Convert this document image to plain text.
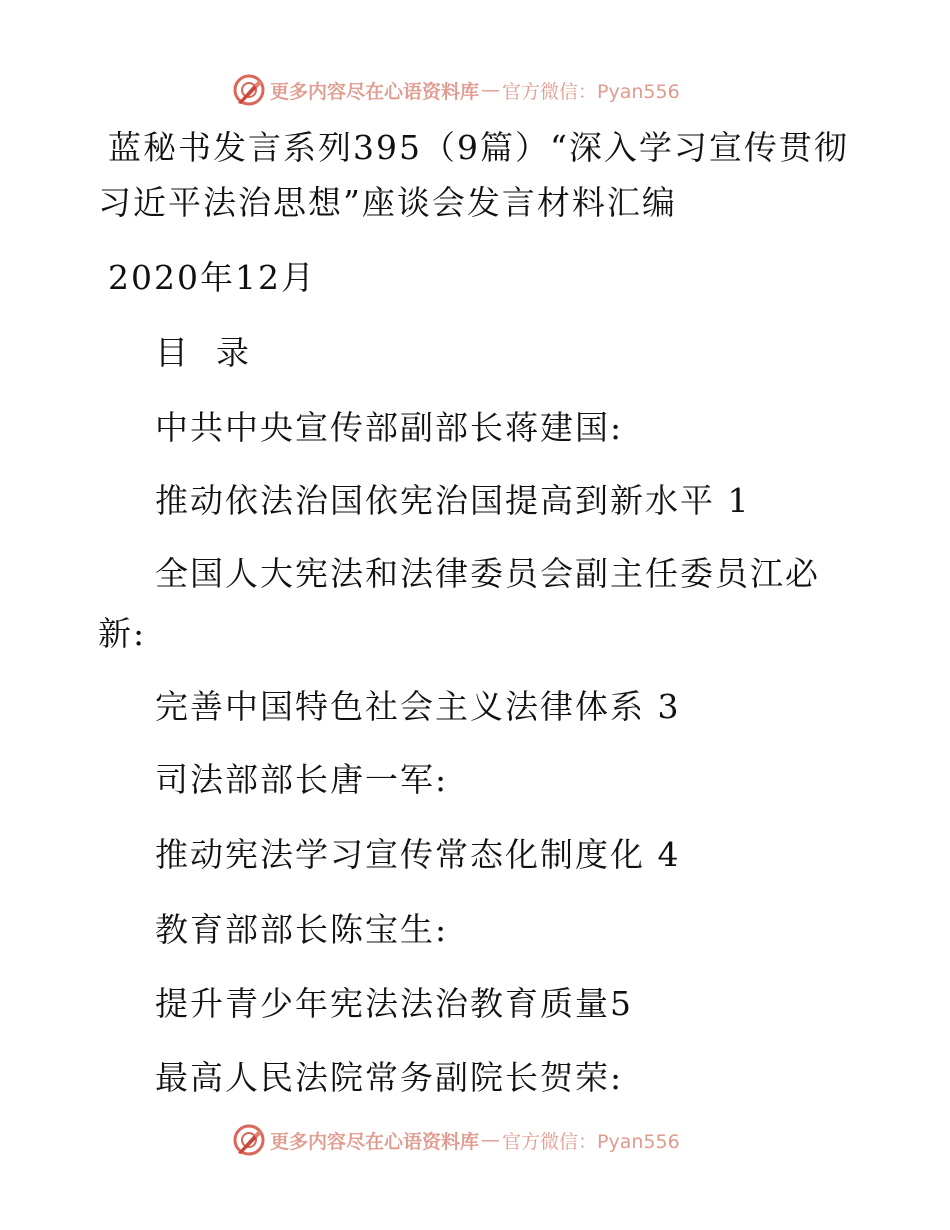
更多内容尽在心语资料库 — 官方微信：Pyan556
蓝秘书发言系列395（9篇）“深入学习宣传贯彻
习近平法治思想”座谈会发言材料汇编
2020年12月
目 录
中共中央宣传部副部长蒋建国:
推动依法治国依宪治国提高到新水平 1
全国人大宪法和法律委员会副主任委员江必
新:
完善中国特色社会主义法律体系 3
司法部部长唐一军:
推动宪法学习宣传常态化制度化 4
教育部部长陈宝生:
提升青少年宪法法治教育质量5
最高人民法院常务副院长贺荣:
更多内容尽在心语资料库 — 官方微信：Pyan556
